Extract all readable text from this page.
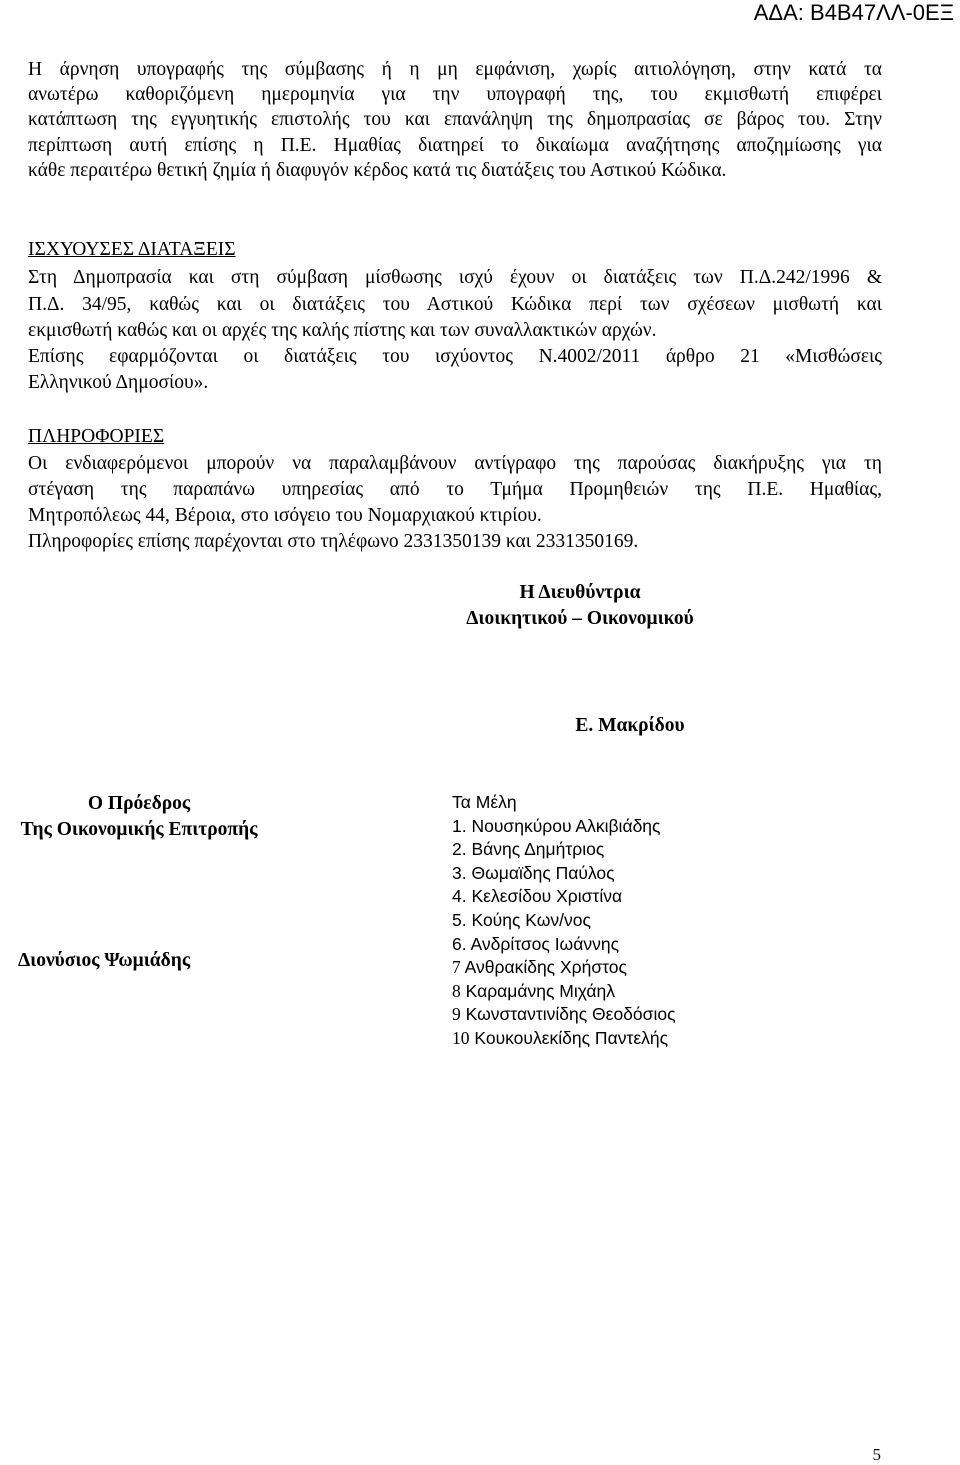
ΑΔΑ: Β4Β47ΛΛ-0ΕΞ
Η άρνηση υπογραφής της σύμβασης ή η μη εμφάνιση, χωρίς αιτιολόγηση, στην κατά τα
ανωτέρω καθοριζόμενη ημερομηνία για την υπογραφή της, του εκμισθωτή επιφέρει
κατάπτωση της εγγυητικής επιστολής του και επανάληψη της δημοπρασίας σε βάρος του. Στην
περίπτωση αυτή επίσης η Π.Ε. Ημαθίας διατηρεί το δικαίωμα αναζήτησης αποζημίωσης για
κάθε περαιτέρω θετική ζημία ή διαφυγόν κέρδος κατά τις διατάξεις του Αστικού Κώδικα.
ΙΣΧΥΟΥΣΕΣ ΔΙΑΤΑΞΕΙΣ
Στη Δημοπρασία και στη σύμβαση μίσθωσης ισχύ έχουν οι διατάξεις των Π.Δ.242/1996 &
Π.Δ. 34/95, καθώς και οι διατάξεις του Αστικού Κώδικα περί των σχέσεων μισθωτή και
εκμισθωτή καθώς και οι αρχές της καλής πίστης και των συναλλακτικών αρχών.
Επίσης εφαρμόζονται οι διατάξεις του ισχύοντος Ν.4002/2011 άρθρο 21 «Μισθώσεις
Ελληνικού Δημοσίου».
ΠΛΗΡΟΦΟΡΙΕΣ
Οι ενδιαφερόμενοι μπορούν να παραλαμβάνουν αντίγραφο της παρούσας διακήρυξης για τη
στέγαση της παραπάνω υπηρεσίας από το Τμήμα Προμηθειών της Π.Ε. Ημαθίας,
Μητροπόλεως 44, Βέροια, στο ισόγειο του Νομαρχιακού κτιρίου.
Πληροφορίες επίσης παρέχονται στο τηλέφωνο 2331350139 και 2331350169.
Η Διευθύντρια
Διοικητικού – Οικονομικού
Ε. Μακρίδου
Ο Πρόεδρος
Της Οικονομικής Επιτροπής
Διονύσιος Ψωμιάδης
Τα Μέλη
1. Νουσηκύρου Αλκιβιάδης
2. Βάνης Δημήτριος
3. Θωμαϊδης Παύλος
4. Κελεσίδου Χριστίνα
5. Κούης Κων/νος
6. Ανδρίτσος Ιωάννης
7 Ανθρακίδης Χρήστος
8 Καραμάνης Μιχάηλ
9 Κωνσταντινίδης Θεοδόσιος
10 Κουκουλεκίδης Παντελής
5
